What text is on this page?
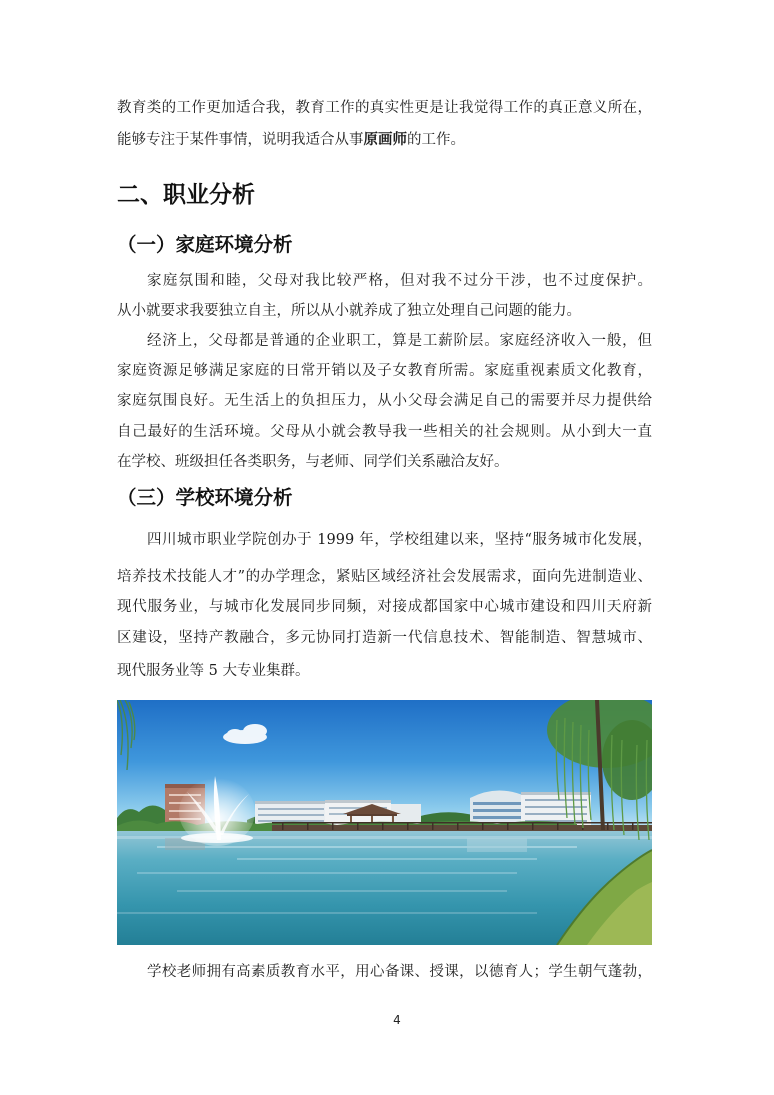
教育类的工作更加适合我，教育工作的真实性更是让我觉得工作的真正意义所在，
能够专注于某件事情，说明我适合从事原画师的工作。
二、职业分析
（一）家庭环境分析
家庭氛围和睦，父母对我比较严格，但对我不过分干涉，也不过度保护。
从小就要求我要独立自主，所以从小就养成了独立处理自己问题的能力。
经济上，父母都是普通的企业职工，算是工薪阶层。家庭经济收入一般，但
家庭资源足够满足家庭的日常开销以及子女教育所需。家庭重视素质文化教育，
家庭氛围良好。无生活上的负担压力，从小父母会满足自己的需要并尽力提供给
自己最好的生活环境。父母从小就会教导我一些相关的社会规则。从小到大一直
在学校、班级担任各类职务，与老师、同学们关系融洽友好。
（三）学校环境分析
四川城市职业学院创办于 1999 年，学校组建以来，坚持“服务城市化发展，
培养技术技能人才”的办学理念，紧贴区域经济社会发展需求，面向先进制造业、
现代服务业，与城市化发展同步同频，对接成都国家中心城市建设和四川天府新
区建设，坚持产教融合，多元协同打造新一代信息技术、智能制造、智慧城市、
现代服务业等 5 大专业集群。
学校老师拥有高素质教育水平，用心备课、授课，以德育人；学生朝气蓬勃，
4
